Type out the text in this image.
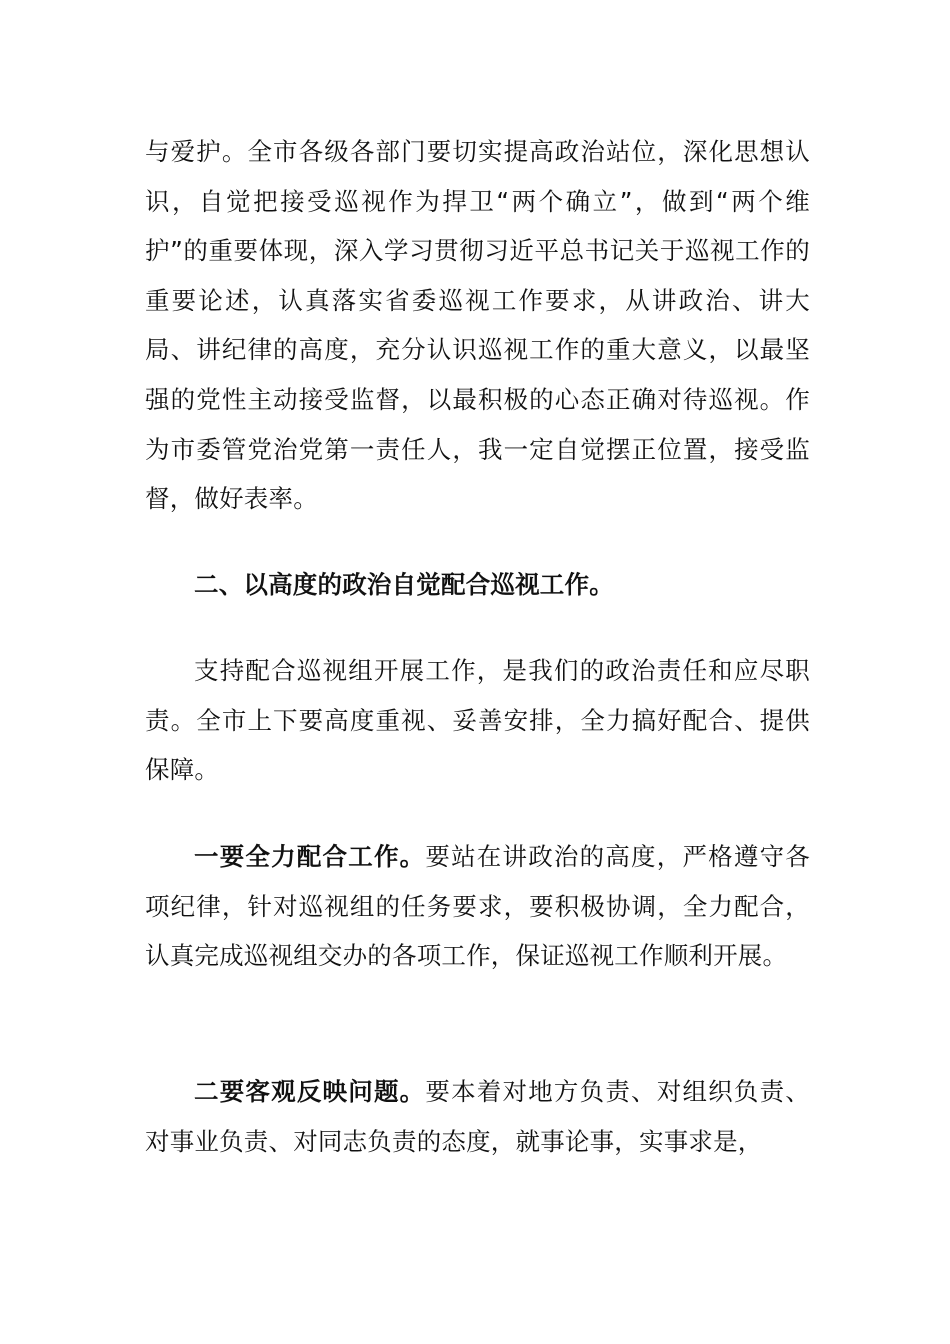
与爱护。全市各级各部门要切实提高政治站位，深化思想认识，自觉把接受巡视作为捍卫“两个确立”，做到“两个维护”的重要体现，深入学习贯彻习近平总书记关于巡视工作的重要论述，认真落实省委巡视工作要求，从讲政治、讲大局、讲纪律的高度，充分认识巡视工作的重大意义，以最坚强的党性主动接受监督，以最积极的心态正确对待巡视。作为市委管党治党第一责任人，我一定自觉摆正位置，接受监督，做好表率。

二、以高度的政治自觉配合巡视工作。

支持配合巡视组开展工作，是我们的政治责任和应尽职责。全市上下要高度重视、妥善安排，全力搞好配合、提供保障。

一要全力配合工作。要站在讲政治的高度，严格遵守各项纪律，针对巡视组的任务要求，要积极协调，全力配合，认真完成巡视组交办的各项工作，保证巡视工作顺利开展。

二要客观反映问题。要本着对地方负责、对组织负责、对事业负责、对同志负责的态度，就事论事，实事求是，
